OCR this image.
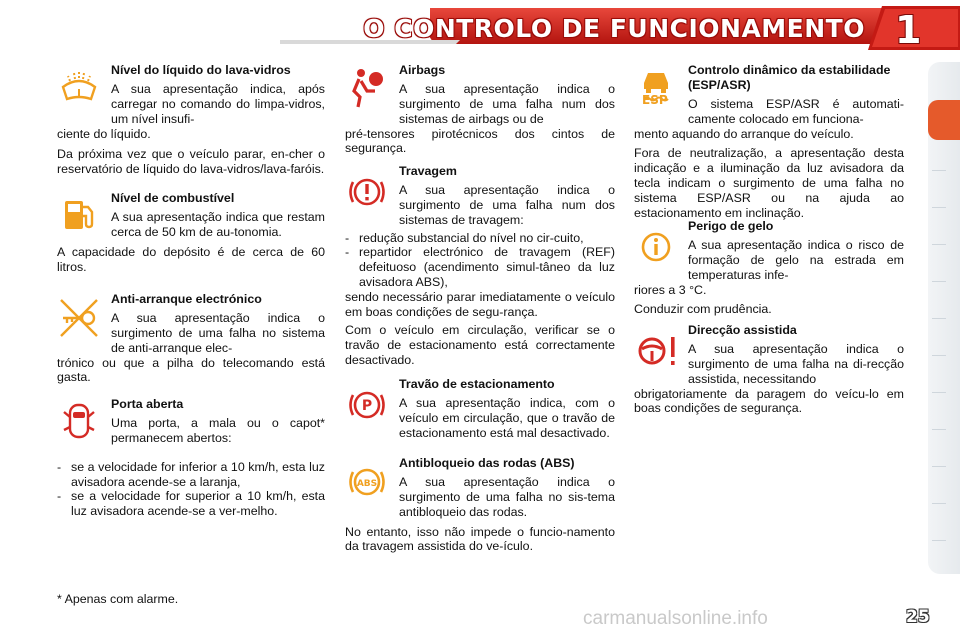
O CONTROLO DE FUNCIONAMENTO 1
Nível do líquido do lava-vidros
A sua apresentação indica, após carregar no comando do limpa-vidros, um nível insufi-

ciente do líquido.

Da próxima vez que o veículo parar, en-cher o reservatório de líquido do lava-vidros/lava-faróis.

Nível de combustível
A sua apresentação indica que restam cerca de 50 km de au-tonomia.

A capacidade do depósito é de cerca de 60 litros.

Anti-arranque electrónico
A sua apresentação indica o surgimento de uma falha no sistema de anti-arranque elec-

trónico ou que a pilha do telecomando está gasta.

Porta aberta
Uma porta, a mala ou o capot* permanecem abertos:
- se a velocidade for inferior a 10 km/h, esta luz avisadora acende-se a laranja,
- se a velocidade for superior a 10 km/h, esta luz avisadora acende-se a ver-melho.
* Apenas com alarme.
Airbags
A sua apresentação indica o surgimento de uma falha num dos sistemas de airbags ou de

pré-tensores pirotécnicos dos cintos de segurança.

Travagem
A sua apresentação indica o surgimento de uma falha num dos sistemas de travagem:
- redução substancial do nível no cir-cuito,
- repartidor electrónico de travagem (REF) defeituoso (acendimento simul-tâneo da luz avisadora ABS),

sendo necessário parar imediatamente o veículo em boas condições de segu-rança.

Com o veículo em circulação, verificar se o travão de estacionamento está correctamente desactivado.

P
Travão de estacionamento
A sua apresentação indica, com o veículo em circulação, que o travão de estacionamento está mal desactivado.
ABS
Antibloqueio das rodas (ABS)
A sua apresentação indica o surgimento de uma falha no sis-tema antibloqueio das rodas.

No entanto, isso não impede o funcio-namento da travagem assistida do ve-ículo.

ESP
Controlo dinâmico da estabilidade (ESP/ASR)
O sistema ESP/ASR é automati-camente colocado em funciona-

mento aquando do arranque do veículo.

Fora de neutralização, a apresentação desta indicação e a iluminação da luz avisadora da tecla indicam o surgimento de uma falha no sistema ESP/ASR ou na ajuda ao estacionamento em inclinação.

Perigo de gelo
A sua apresentação indica o risco de formação de gelo na estrada em temperaturas infe-

riores a 3 °C.

Conduzir com prudência.

Direcção assistida
A sua apresentação indica o surgimento de uma falha na di-recção assistida, necessitando

obrigatoriamente da paragem do veícu-lo em boas condições de segurança.

carmanualsonline.info	25
